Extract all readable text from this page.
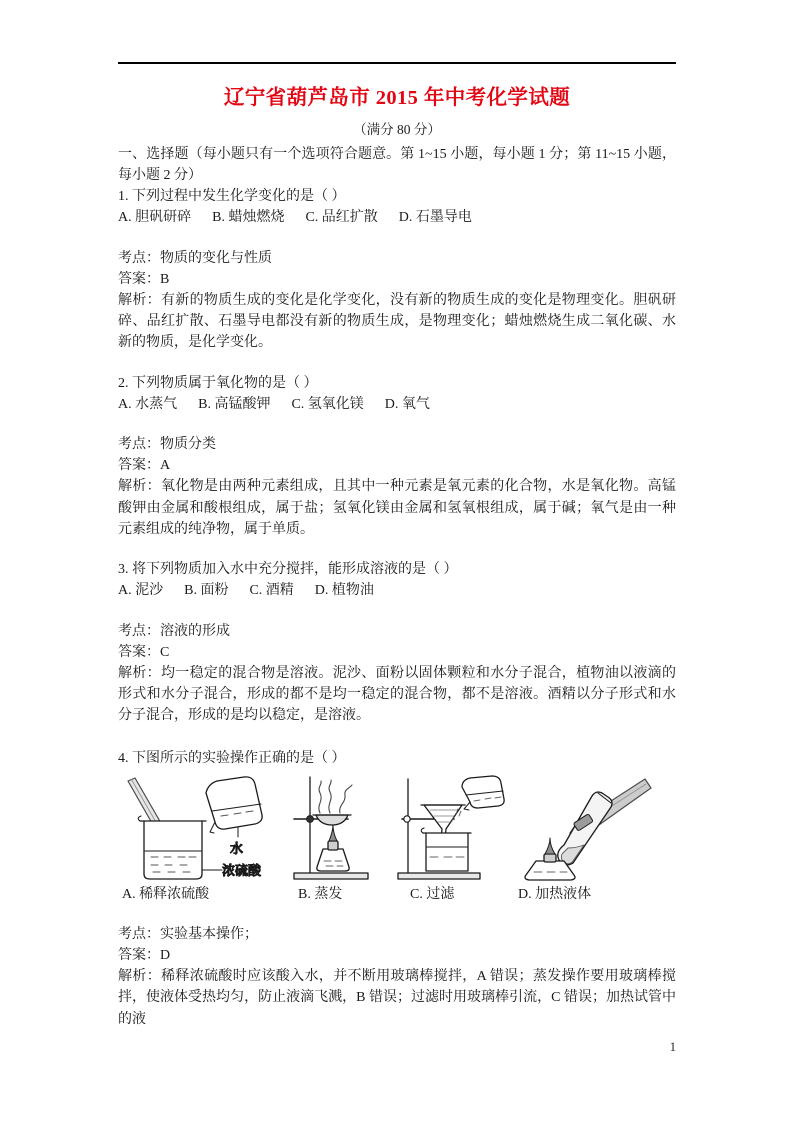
辽宁省葫芦岛市 2015 年中考化学试题
（满分 80 分）

一、选择题（每小题只有一个选项符合题意。第 1~15 小题，每小题 1 分；第 11~15 小题，每小题 2 分）

1. 下列过程中发生化学变化的是（ ）

A. 胆矾研碎      B. 蜡烛燃烧      C. 品红扩散      D. 石墨导电

考点：物质的变化与性质

答案：B

解析：有新的物质生成的变化是化学变化，没有新的物质生成的变化是物理变化。胆矾研碎、品红扩散、石墨导电都没有新的物质生成，是物理变化；蜡烛燃烧生成二氧化碳、水新的物质，是化学变化。

2. 下列物质属于氧化物的是（ ）

A. 水蒸气      B. 高锰酸钾      C. 氢氧化镁      D. 氧气

考点：物质分类

答案：A

解析：氧化物是由两种元素组成，且其中一种元素是氧元素的化合物，水是氧化物。高锰酸钾由金属和酸根组成，属于盐；氢氧化镁由金属和氢氧根组成，属于碱；氧气是由一种元素组成的纯净物，属于单质。

3. 将下列物质加入水中充分搅拌，能形成溶液的是（ ）

A. 泥沙      B. 面粉      C. 酒精      D. 植物油

考点：溶液的形成

答案：C

解析：均一稳定的混合物是溶液。泥沙、面粉以固体颗粒和水分子混合，植物油以液滴的形式和水分子混合，形成的都不是均一稳定的混合物，都不是溶液。酒精以分子形式和水分子混合，形成的是均以稳定，是溶液。

4. 下图所示的实验操作正确的是（ ）

水
浓硫酸
A. 稀释浓硫酸	B. 蒸发	C. 过滤	D. 加热液体

考点：实验基本操作；

答案：D

解析：稀释浓硫酸时应该酸入水，并不断用玻璃棒搅拌，A 错误；蒸发操作要用玻璃棒搅拌，使液体受热均匀，防止液滴飞溅，B 错误；过滤时用玻璃棒引流，C 错误；加热试管中的液

1
